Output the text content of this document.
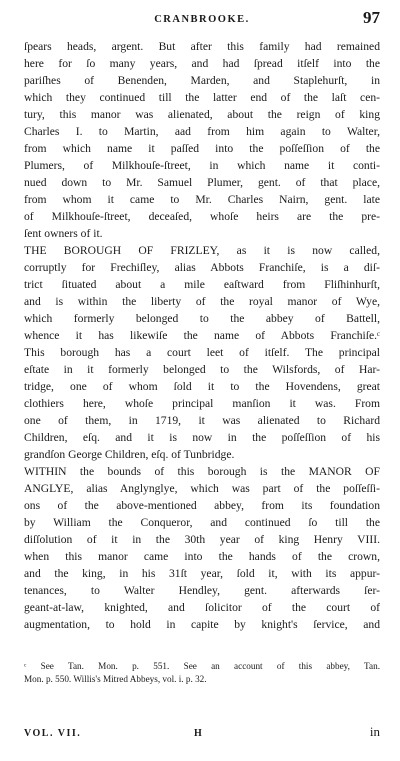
CRANBROOKE.	97
ſpears heads, argent. But after this family had remained
here for ſo many years, and had ſpread itſelf into the
pariſhes of Benenden, Marden, and Staplehurſt, in
which they continued till the latter end of the laſt cen-
tury, this manor was alienated, about the reign of king
Charles I. to Martin, aad from him again to Walter,
from which name it paſſed into the poſſeſſion of the
Plumers, of Milkhouſe-ſtreet, in which name it conti-
nued down to Mr. Samuel Plumer, gent. of that place,
from whom it came to Mr. Charles Nairn, gent. late
of Milkhouſe-ſtreet, deceaſed, whoſe heirs are the pre-
ſent owners of it.
THE BOROUGH OF FRIZLEY, as it is now called,
corruptly for Frechiſley, alias Abbots Franchiſe, is a diſ-
trict ſituated about a mile eaſtward from Fliſhinhurſt,
and is within the liberty of the royal manor of Wye,
which formerly belonged to the abbey of Battell,
whence it has likewiſe the name of Abbots Franchiſe.ᶜ
This borough has a court leet of itſelf. The principal
eſtate in it formerly belonged to the Wilsfords, of Har-
tridge, one of whom ſold it to the Hovendens, great
clothiers here, whoſe principal manſion it was. From
one of them, in 1719, it was alienated to Richard
Children, eſq. and it is now in the poſſeſſion of his
grandſon George Children, eſq. of Tunbridge.
WITHIN the bounds of this borough is the MANOR OF
ANGLYE, alias Anglynglye, which was part of the poſſeſſi-
ons of the above-mentioned abbey, from its foundation
by William the Conqueror, and continued ſo till the
diſſolution of it in the 30th year of king Henry VIII.
when this manor came into the hands of the crown,
and the king, in his 31ſt year, ſold it, with its appur-
tenances, to Walter Hendley, gent. afterwards ſer-
geant-at-law, knighted, and ſolicitor of the court of
augmentation, to hold in capite by knight's ſervice, and
ᶜ See Tan. Mon. p. 551. See an account of this abbey, Tan.
Mon. p. 550. Willis's Mitred Abbeys, vol. i. p. 32.
VOL. VII.	H	in
